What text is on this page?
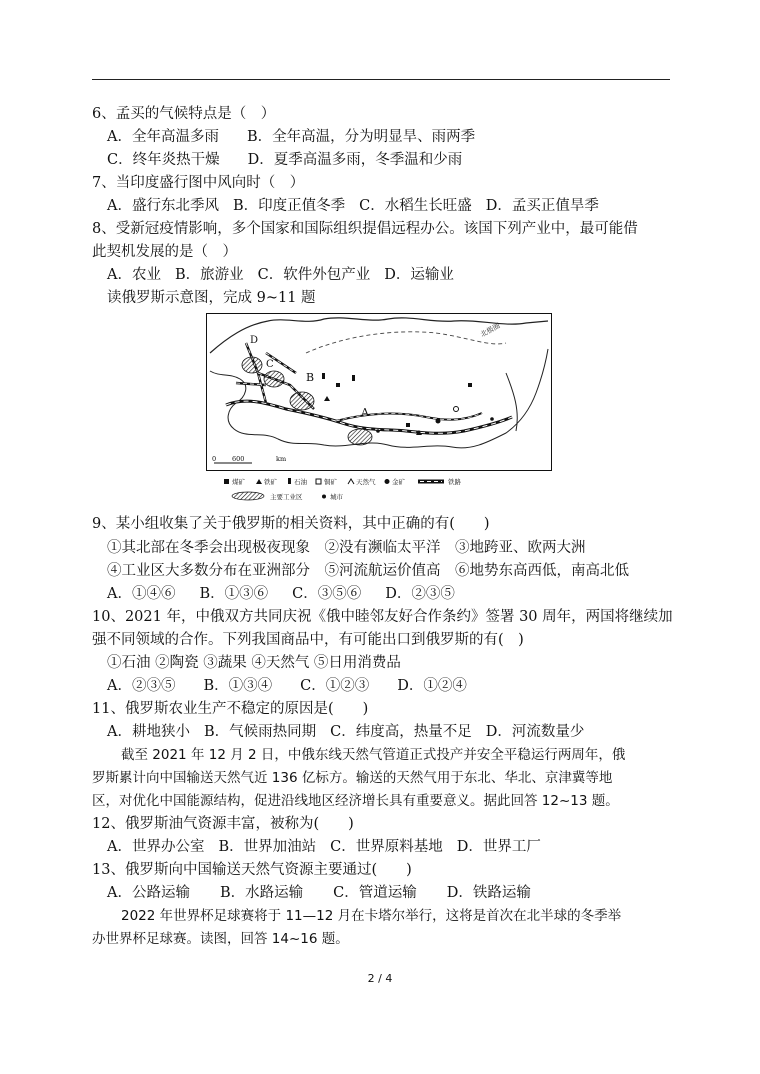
6、孟买的气候特点是（　）
A．全年高温多雨 B．全年高温，分为明显旱、雨两季
C．终年炎热干燥 D．夏季高温多雨，冬季温和少雨
7、当印度盛行图中风向时（　）
A．盛行东北季风 B．印度正值冬季 C．水稻生长旺盛 D．孟买正值旱季
8、受新冠疫情影响，多个国家和国际组织提倡远程办公。该国下列产业中，最可能借
此契机发展的是（　）
A．农业 B．旅游业 C．软件外包产业 D．运输业
读俄罗斯示意图，完成 9~11 题
北极圈
D
C
B
A
0 600	km
煤矿	铁矿	石油	铜矿	天然气	金矿	铁路
主要工业区	城市
9、某小组收集了关于俄罗斯的相关资料，其中正确的有(　　)
①其北部在冬季会出现极夜现象　②没有濒临太平洋　③地跨亚、欧两大洲
④工业区大多数分布在亚洲部分　⑤河流航运价值高　⑥地势东高西低，南高北低
A．①④⑥ B．①③⑥ C．③⑤⑥ D．②③⑤
10、2021 年，中俄双方共同庆祝《俄中睦邻友好合作条约》签署 30 周年，两国将继续加
强不同领域的合作。下列我国商品中，有可能出口到俄罗斯的有(　)
①石油 ②陶瓷 ③蔬果 ④天然气 ⑤日用消费品
A．②③⑤ B．①③④ C．①②③ D．①②④
11、俄罗斯农业生产不稳定的原因是(　　)
A．耕地狭小 B．气候雨热同期 C．纬度高，热量不足 D．河流数量少
截至 2021 年 12 月 2 日，中俄东线天然气管道正式投产并安全平稳运行两周年，俄
罗斯累计向中国输送天然气近 136 亿标方。输送的天然气用于东北、华北、京津冀等地
区，对优化中国能源结构，促进沿线地区经济增长具有重要意义。据此回答 12~13 题。
12、俄罗斯油气资源丰富，被称为(　　)
A．世界办公室 B．世界加油站 C．世界原料基地 D．世界工厂
13、俄罗斯向中国输送天然气资源主要通过(　　)
A．公路运输 B．水路运输 C．管道运输 D．铁路运输
2022 年世界杯足球赛将于 11—12 月在卡塔尔举行，这将是首次在北半球的冬季举
办世界杯足球赛。读图，回答 14~16 题。
2 / 4
